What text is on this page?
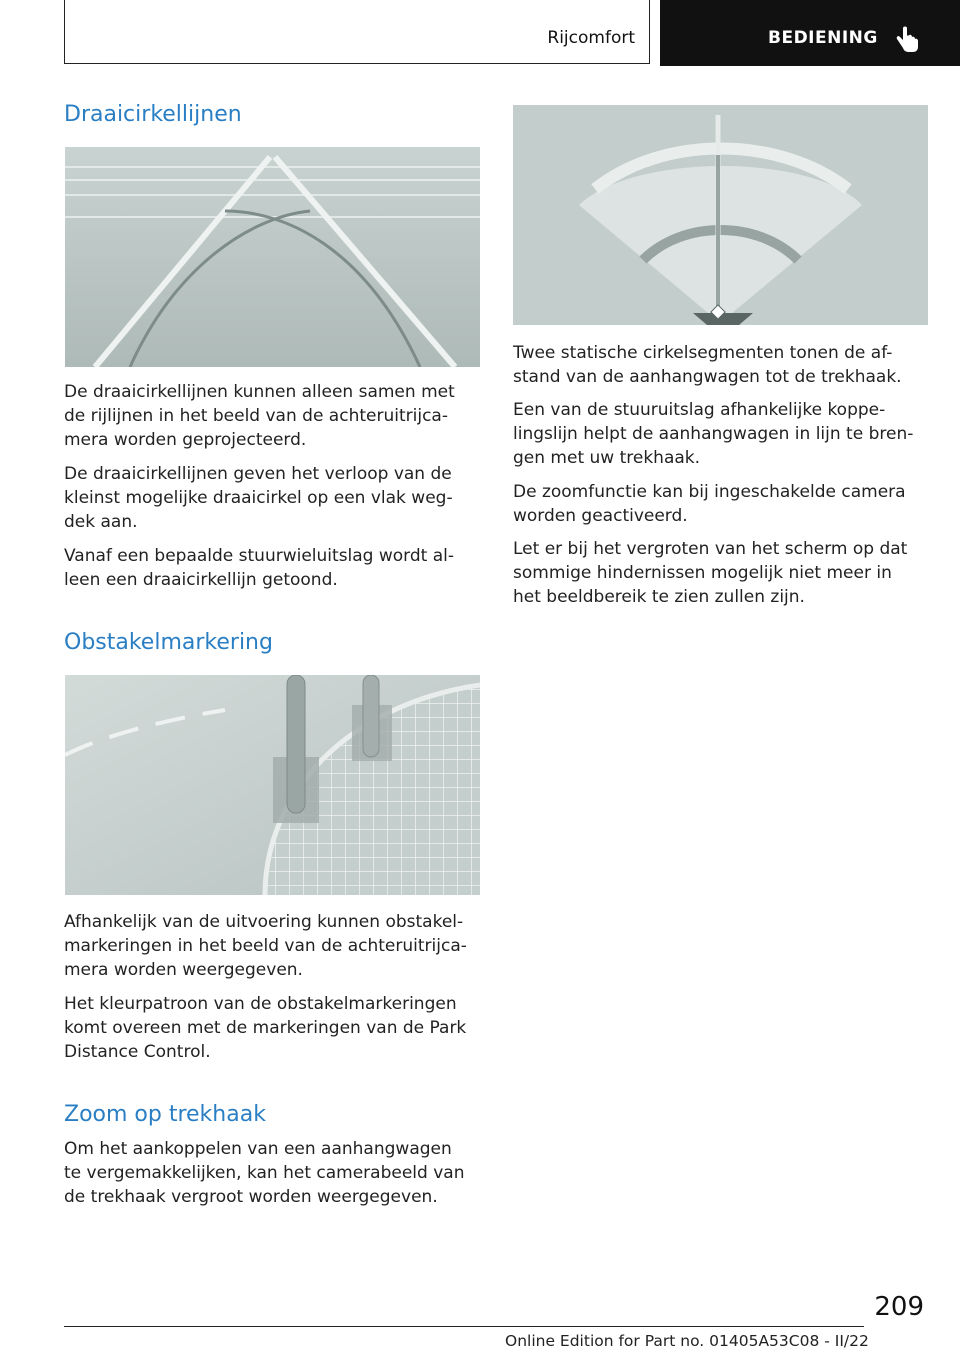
Rijcomfort	BEDIENING
Draaicirkellijnen

De draaicirkellijnen kunnen alleen samen met
de rijlijnen in het beeld van de achteruitrijca-
mera worden geprojecteerd.

De draaicirkellijnen geven het verloop van de
kleinst mogelijke draaicirkel op een vlak weg-
dek aan.

Vanaf een bepaalde stuurwieluitslag wordt al-
leen een draaicirkellijn getoond.

Obstakelmarkering

Afhankelijk van de uitvoering kunnen obstakel-
markeringen in het beeld van de achteruitrijca-
mera worden weergegeven.

Het kleurpatroon van de obstakelmarkeringen
komt overeen met de markeringen van de Park
Distance Control.

Zoom op trekhaak

Om het aankoppelen van een aanhangwagen
te vergemakkelijken, kan het camerabeeld van
de trekhaak vergroot worden weergegeven.

Twee statische cirkelsegmenten tonen de af-
stand van de aanhangwagen tot de trekhaak.

Een van de stuuruitslag afhankelijke koppe-
lingslijn helpt de aanhangwagen in lijn te bren-
gen met uw trekhaak.

De zoomfunctie kan bij ingeschakelde camera
worden geactiveerd.

Let er bij het vergroten van het scherm op dat
sommige hindernissen mogelijk niet meer in
het beeldbereik te zien zullen zijn.

209
Online Edition for Part no. 01405A53C08 - II/22
